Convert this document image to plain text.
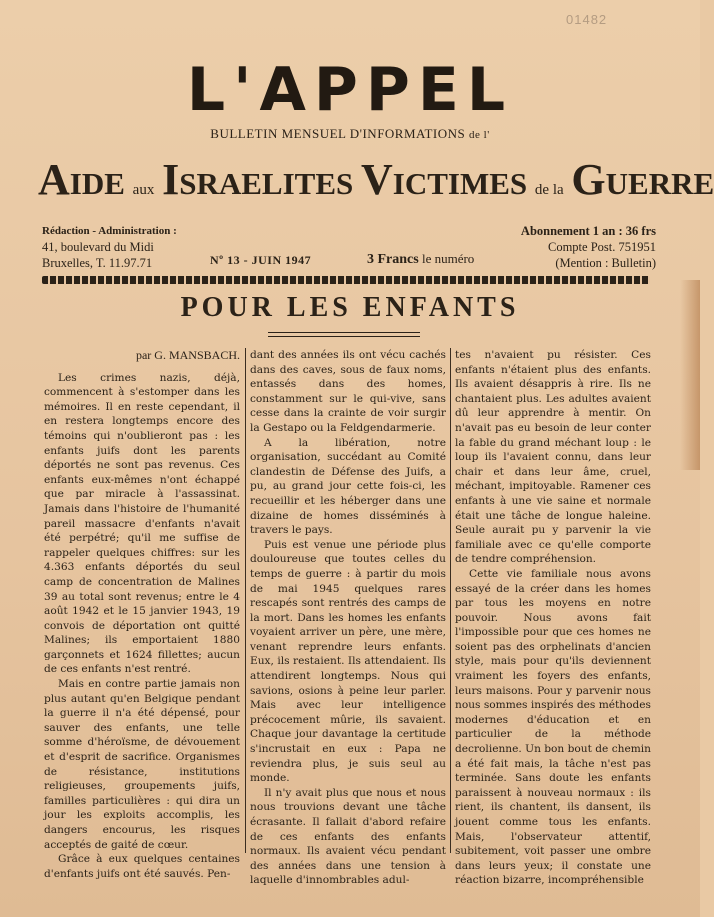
01482
L'APPEL
BULLETIN MENSUEL D'INFORMATIONS de l'
AIDE aux ISRAELITES VICTIMES de la GUERRE
Rédaction - Administration :
41, boulevard du Midi
Bruxelles, T. 11.97.71	Nº 13 - JUIN 1947	3 Francs le numéro
Abonnement 1 an : 36 frs
Compte Post. 751951
(Mention : Bulletin)
POUR LES ENFANTS
par G. MANSBACH.

Les crimes nazis, déjà, commencent à s'estomper dans les mémoires. Il en reste cependant, il en restera longtemps encore des témoins qui n'oublieront pas : les enfants juifs dont les parents déportés ne sont pas revenus. Ces enfants eux-mêmes n'ont échappé que par miracle à l'assassinat. Jamais dans l'histoire de l'humanité pareil massacre d'enfants n'avait été perpétré; qu'il me suffise de rappeler quelques chiffres: sur les 4.363 enfants déportés du seul camp de concentration de Malines 39 au total sont revenus; entre le 4 août 1942 et le 15 janvier 1943, 19 convois de déportation ont quitté Malines; ils emportaient 1880 garçonnets et 1624 fillettes; aucun de ces enfants n'est rentré.

Mais en contre partie jamais non plus autant qu'en Belgique pendant la guerre il n'a été dépensé, pour sauver des enfants, une telle somme d'héroïsme, de dévouement et d'esprit de sacrifice. Organismes de résistance, institutions religieuses, groupements juifs, familles particulières : qui dira un jour les exploits accomplis, les dangers encourus, les risques acceptés de gaité de cœur.

Grâce à eux quelques centaines d'enfants juifs ont été sauvés. Pen-

dant des années ils ont vécu cachés dans des caves, sous de faux noms, entassés dans des homes, constamment sur le qui-vive, sans cesse dans la crainte de voir surgir la Gestapo ou la Feldgendarmerie.

A la libération, notre organisation, succédant au Comité clandestin de Défense des Juifs, a pu, au grand jour cette fois-ci, les recueillir et les héberger dans une dizaine de homes disséminés à travers le pays.

Puis est venue une période plus douloureuse que toutes celles du temps de guerre : à partir du mois de mai 1945 quelques rares rescapés sont rentrés des camps de la mort. Dans les homes les enfants voyaient arriver un père, une mère, venant reprendre leurs enfants. Eux, ils restaient. Ils attendaient. Ils attendirent longtemps. Nous qui savions, osions à peine leur parler. Mais avec leur intelligence précocement mûrie, ils savaient. Chaque jour davantage la certitude s'incrustait en eux : Papa ne reviendra plus, je suis seul au monde.

Il n'y avait plus que nous et nous nous trouvions devant une tâche écrasante. Il fallait d'abord refaire de ces enfants des enfants normaux. Ils avaient vécu pendant des années dans une tension à laquelle d'innombrables adul-

tes n'avaient pu résister. Ces enfants n'étaient plus des enfants. Ils avaient désappris à rire. Ils ne chantaient plus. Les adultes avaient dû leur apprendre à mentir. On n'avait pas eu besoin de leur conter la fable du grand méchant loup : le loup ils l'avaient connu, dans leur chair et dans leur âme, cruel, méchant, impitoyable. Ramener ces enfants à une vie saine et normale était une tâche de longue haleine. Seule aurait pu y parvenir la vie familiale avec ce qu'elle comporte de tendre compréhension.

Cette vie familiale nous avons essayé de la créer dans les homes par tous les moyens en notre pouvoir. Nous avons fait l'impossible pour que ces homes ne soient pas des orphelinats d'ancien style, mais pour qu'ils deviennent vraiment les foyers des enfants, leurs maisons. Pour y parvenir nous nous sommes inspirés des méthodes modernes d'éducation et en particulier de la méthode decrolienne. Un bon bout de chemin a été fait mais, la tâche n'est pas terminée. Sans doute les enfants paraissent à nouveau normaux : ils rient, ils chantent, ils dansent, ils jouent comme tous les enfants. Mais, l'observateur attentif, subitement, voit passer une ombre dans leurs yeux; il constate une réaction bizarre, incompréhensible
